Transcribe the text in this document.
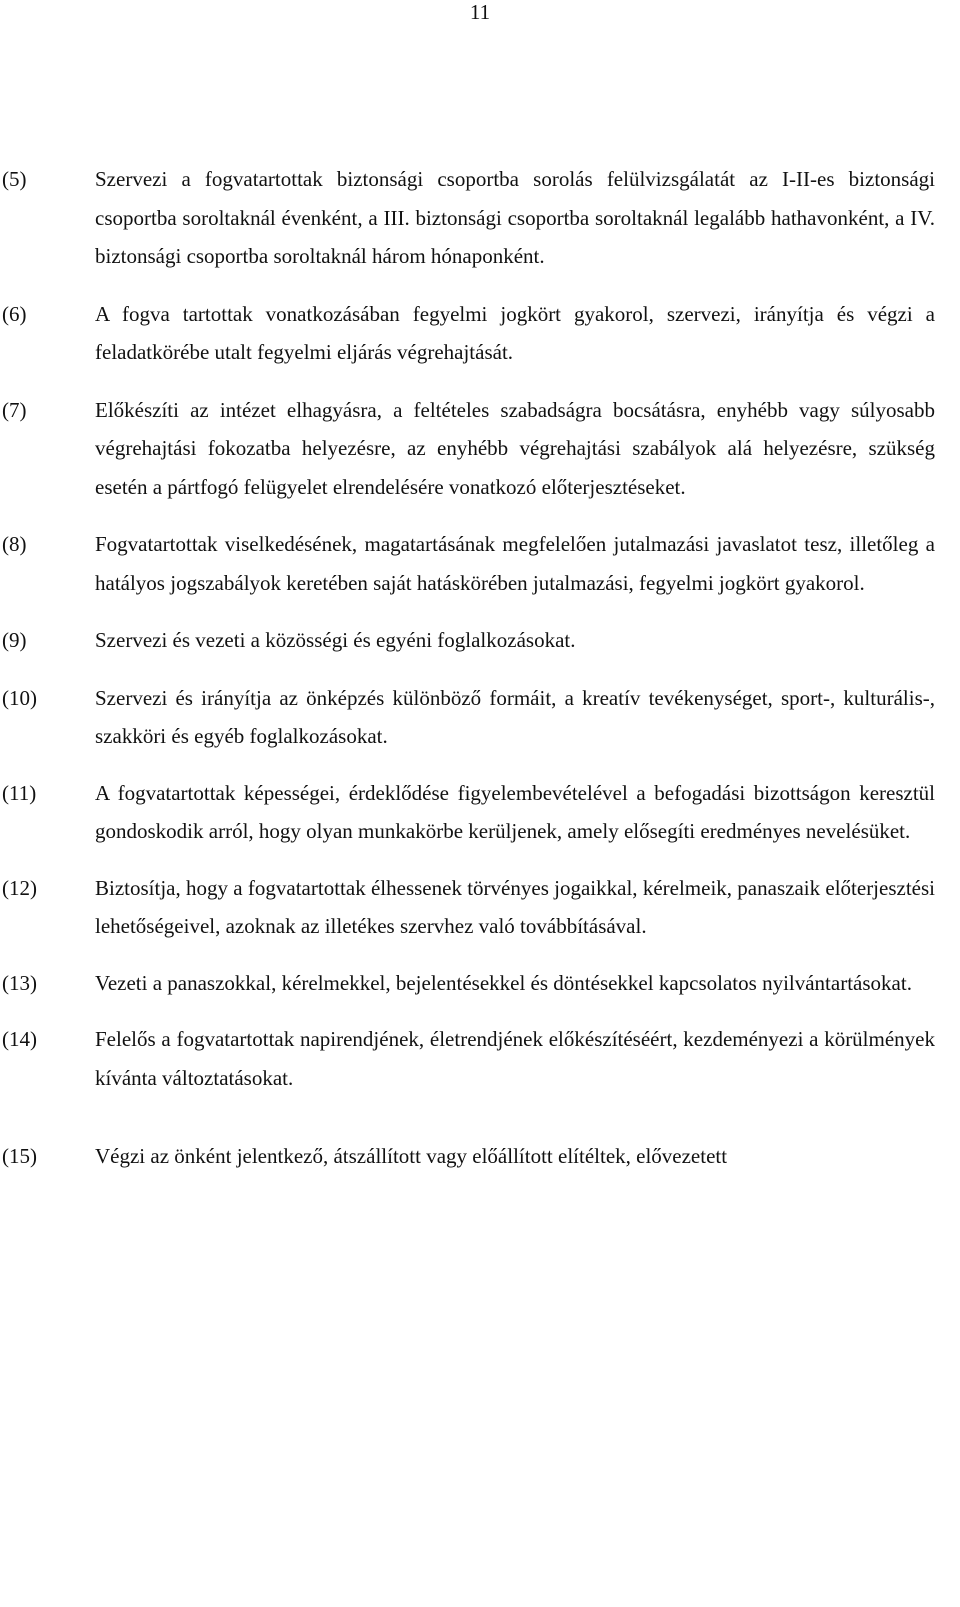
11
(5)	Szervezi a fogvatartottak biztonsági csoportba sorolás felülvizsgálatát az I-II-es biztonsági csoportba soroltaknál évenként, a III. biztonsági csoportba soroltaknál legalább hathavonként, a IV. biztonsági csoportba soroltaknál három hónaponként.

(6)	A fogva tartottak vonatkozásában fegyelmi jogkört gyakorol, szervezi, irányítja és végzi a feladatkörébe utalt fegyelmi eljárás végrehajtását.

(7)	Előkészíti az intézet elhagyásra, a feltételes szabadságra bocsátásra, enyhébb vagy súlyosabb végrehajtási fokozatba helyezésre, az enyhébb végrehajtási szabályok alá helyezésre, szükség esetén a pártfogó felügyelet elrendelésére vonatkozó előterjesztéseket.

(8)	Fogvatartottak viselkedésének, magatartásának megfelelően jutalmazási javaslatot tesz, illetőleg a hatályos jogszabályok keretében saját hatáskörében jutalmazási, fegyelmi jogkört gyakorol.

(9)	Szervezi és vezeti a közösségi és egyéni foglalkozásokat.

(10)	Szervezi és irányítja az önképzés különböző formáit, a kreatív tevékenységet, sport-, kulturális-, szakköri és egyéb foglalkozásokat.

(11)	A fogvatartottak képességei, érdeklődése figyelembevételével a befogadási bizottságon keresztül gondoskodik arról, hogy olyan munkakörbe kerüljenek, amely elősegíti eredményes nevelésüket.

(12)	Biztosítja, hogy a fogvatartottak élhessenek törvényes jogaikkal, kérelmeik, panaszaik előterjesztési lehetőségeivel, azoknak az illetékes szervhez való továbbításával.

(13)	Vezeti a panaszokkal, kérelmekkel, bejelentésekkel és döntésekkel kapcsolatos nyilvántartásokat.

(14)	Felelős a fogvatartottak napirendjének, életrendjének előkészítéséért, kezdeményezi a körülmények kívánta változtatásokat.

(15)	Végzi az önként jelentkező, átszállított vagy előállított elítéltek, elővezetett
